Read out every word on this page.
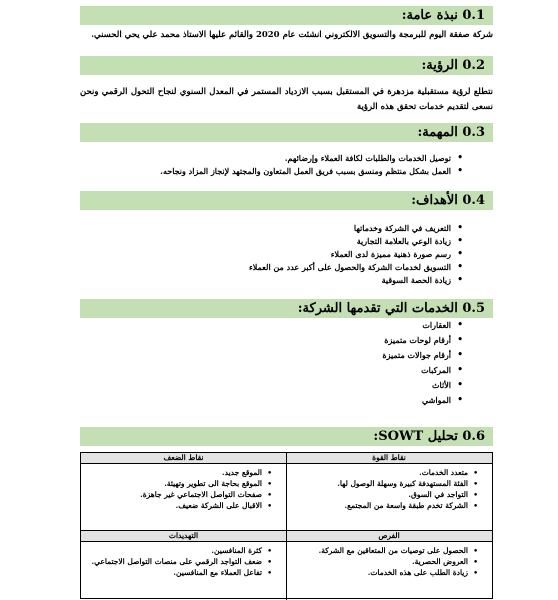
0.1 نبذة عامة:
شركة صفقة اليوم للبرمجة والتسويق الالكتروني انشئت عام 2020 والقائم عليها الاستاذ محمد علي يحي الحسني.
0.2 الرؤية:
نتطلع لرؤية مستقبلية مزدهرة في المستقبل بسبب الازدياد المستمر في المعدل السنوي لنجاح التحول الرقمي ونحن نسعى لتقديم خدمات تحقق هذه الرؤية
0.3 المهمة:
• توصيل الخدمات والطلبات لكافة العملاء وإرضائهم.
• العمل بشكل منتظم ومنسق بسبب فريق العمل المتعاون والمجتهد لإنجاز المزاد ونجاحه.
0.4 الأهداف:
• التعريف في الشركة وخدماتها
• زيادة الوعي بالعلامة التجارية
• رسم صورة ذهنية مميزة لدى العملاء
• التسويق لخدمات الشركة والحصول على أكبر عدد من العملاء
• زيادة الحصة السوقية
0.5 الخدمات التي تقدمها الشركة:
• العقارات
• أرقام لوحات متميزة
• أرقام جوالات متميزة
• المركبات
• الأثاث
• المواشي
0.6 تحليل SOWT:
نقاط القوة
• متعدد الخدمات.
• الفئة المستهدفة كبيرة وسهلة الوصول لها.
• التواجد في السوق.
• الشركة تخدم طبقة واسعة من المجتمع.
نقاط الضعف
• الموقع جديد.
• الموقع بحاجة الى تطوير وتهيئة.
• صفحات التواصل الاجتماعي غير جاهزة.
• الاقبال على الشركة ضعيف.
الفرص
• الحصول على توصيات من المتعاقين مع الشركة.
• العروض الحصرية.
• زيادة الطلب على هذه الخدمات.
التهديدات
• كثرة المنافسين.
• ضعف التواجد الرقمي على منصات التواصل الاجتماعي.
• تفاعل العملاء مع المنافسين.
